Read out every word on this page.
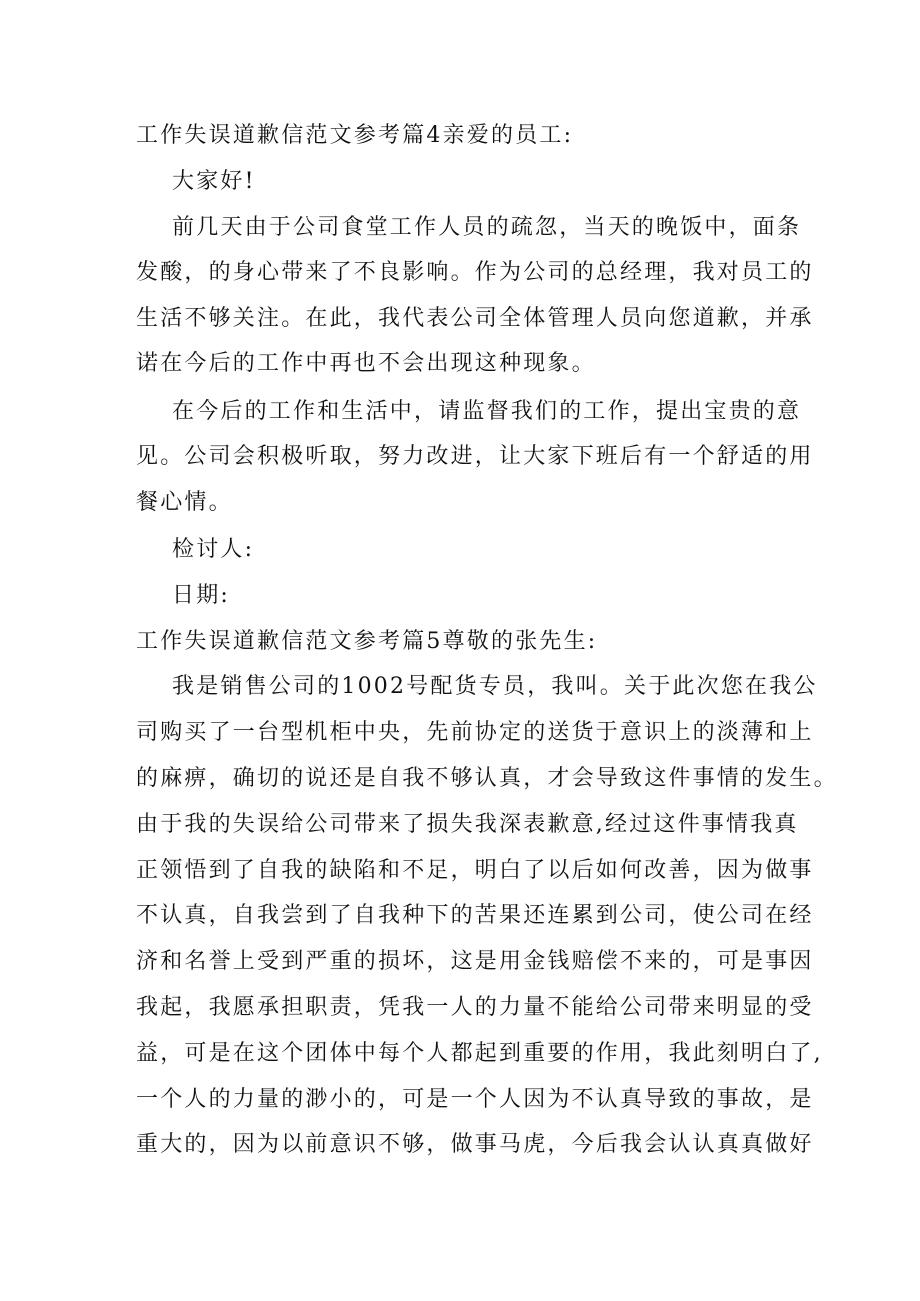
工作失误道歉信范文参考篇4亲爱的员工:
大家好!
前几天由于公司食堂工作人员的疏忽，当天的晚饭中，面条
发酸，的身心带来了不良影响。作为公司的总经理，我对员工的
生活不够关注。在此，我代表公司全体管理人员向您道歉，并承
诺在今后的工作中再也不会出现这种现象。
在今后的工作和生活中，请监督我们的工作，提出宝贵的意
见。公司会积极听取，努力改进，让大家下班后有一个舒适的用
餐心情。
检讨人:
日期:
工作失误道歉信范文参考篇5尊敬的张先生:
我是销售公司的1002号配货专员，我叫。关于此次您在我公
司购买了一台型机柜中央，先前协定的送货于意识上的淡薄和上
的麻痹，确切的说还是自我不够认真，才会导致这件事情的发生。
由于我的失误给公司带来了损失我深表歉意,经过这件事情我真
正领悟到了自我的缺陷和不足，明白了以后如何改善，因为做事
不认真，自我尝到了自我种下的苦果还连累到公司，使公司在经
济和名誉上受到严重的损坏，这是用金钱赔偿不来的，可是事因
我起，我愿承担职责，凭我一人的力量不能给公司带来明显的受
益，可是在这个团体中每个人都起到重要的作用，我此刻明白了,
一个人的力量的渺小的，可是一个人因为不认真导致的事故，是
重大的，因为以前意识不够，做事马虎，今后我会认认真真做好
